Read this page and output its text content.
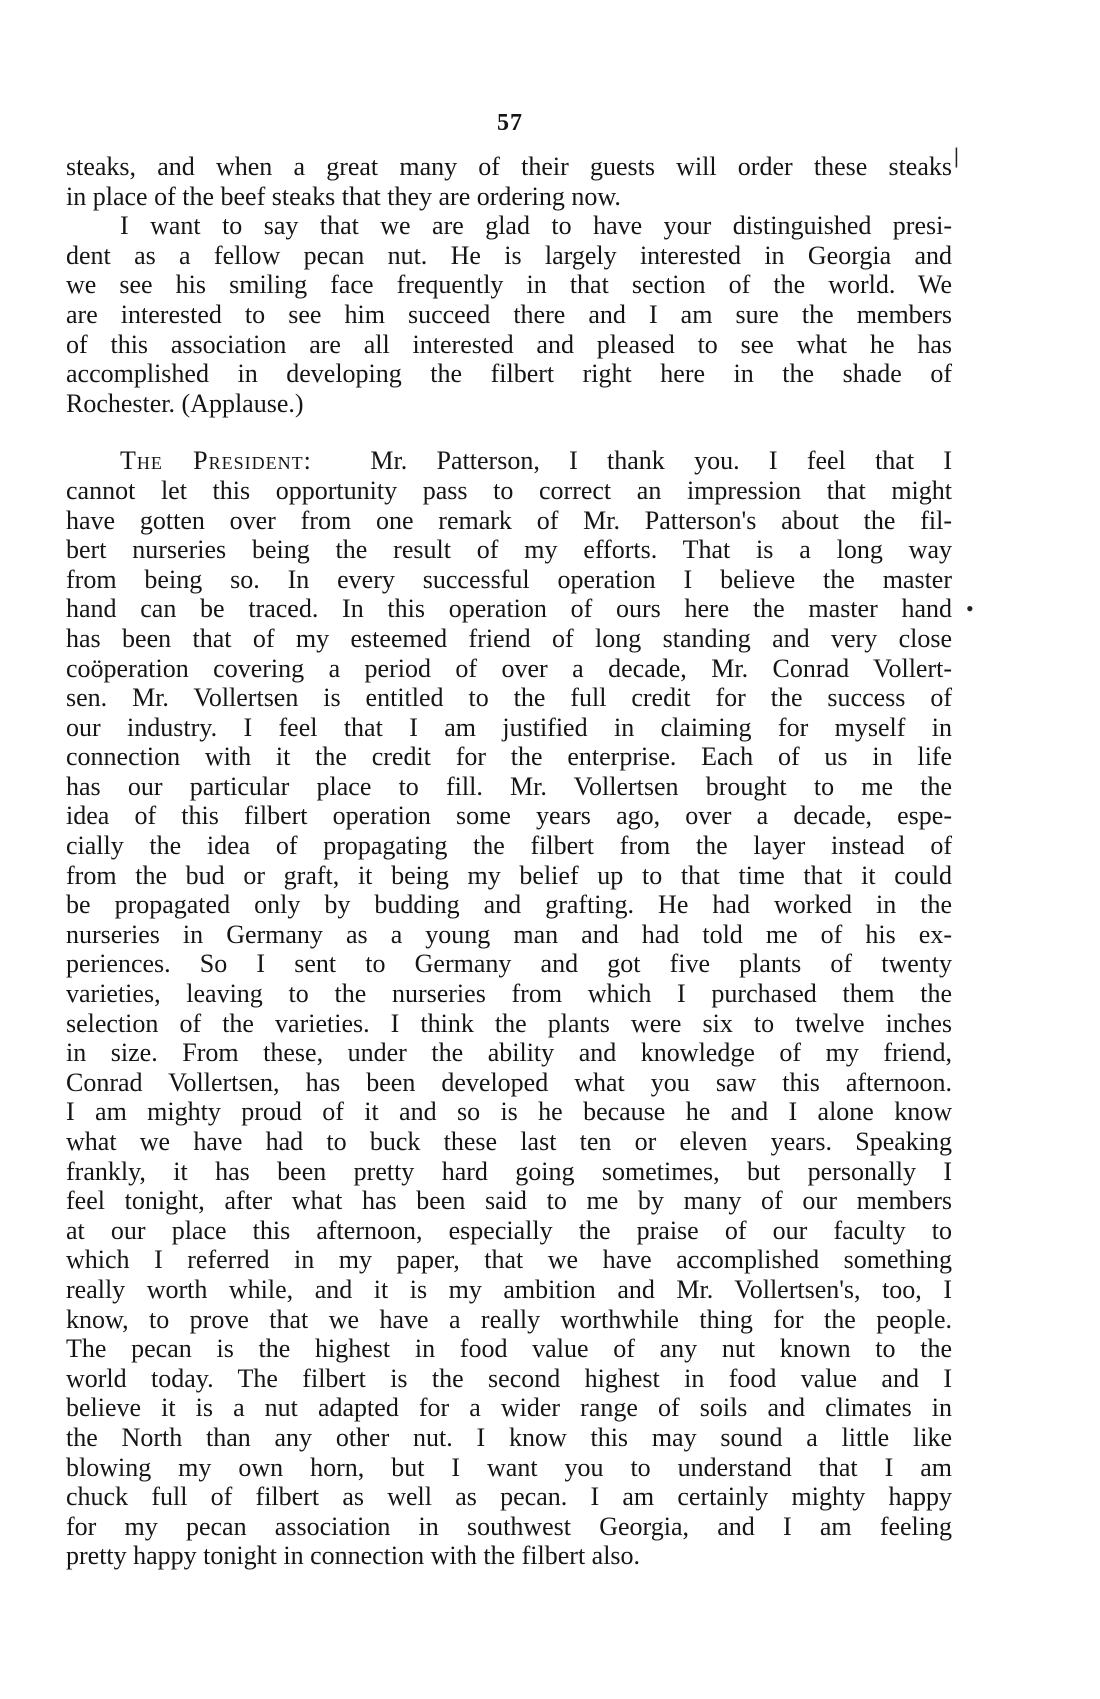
57
|
•
steaks, and when a great many of their guests will order these steaks
in place of the beef steaks that they are ordering now.
I want to say that we are glad to have your distinguished presi-
dent as a fellow pecan nut. He is largely interested in Georgia and
we see his smiling face frequently in that section of the world. We
are interested to see him succeed there and I am sure the members
of this association are all interested and pleased to see what he has
accomplished in developing the filbert right here in the shade of
Rochester. (Applause.)
The President: Mr. Patterson, I thank you. I feel that I
cannot let this opportunity pass to correct an impression that might
have gotten over from one remark of Mr. Patterson's about the fil-
bert nurseries being the result of my efforts. That is a long way
from being so. In every successful operation I believe the master
hand can be traced. In this operation of ours here the master hand
has been that of my esteemed friend of long standing and very close
coöperation covering a period of over a decade, Mr. Conrad Vollert-
sen. Mr. Vollertsen is entitled to the full credit for the success of
our industry. I feel that I am justified in claiming for myself in
connection with it the credit for the enterprise. Each of us in life
has our particular place to fill. Mr. Vollertsen brought to me the
idea of this filbert operation some years ago, over a decade, espe-
cially the idea of propagating the filbert from the layer instead of
from the bud or graft, it being my belief up to that time that it could
be propagated only by budding and grafting. He had worked in the
nurseries in Germany as a young man and had told me of his ex-
periences. So I sent to Germany and got five plants of twenty
varieties, leaving to the nurseries from which I purchased them the
selection of the varieties. I think the plants were six to twelve inches
in size. From these, under the ability and knowledge of my friend,
Conrad Vollertsen, has been developed what you saw this afternoon.
I am mighty proud of it and so is he because he and I alone know
what we have had to buck these last ten or eleven years. Speaking
frankly, it has been pretty hard going sometimes, but personally I
feel tonight, after what has been said to me by many of our members
at our place this afternoon, especially the praise of our faculty to
which I referred in my paper, that we have accomplished something
really worth while, and it is my ambition and Mr. Vollertsen's, too, I
know, to prove that we have a really worthwhile thing for the people.
The pecan is the highest in food value of any nut known to the
world today. The filbert is the second highest in food value and I
believe it is a nut adapted for a wider range of soils and climates in
the North than any other nut. I know this may sound a little like
blowing my own horn, but I want you to understand that I am
chuck full of filbert as well as pecan. I am certainly mighty happy
for my pecan association in southwest Georgia, and I am feeling
pretty happy tonight in connection with the filbert also.
